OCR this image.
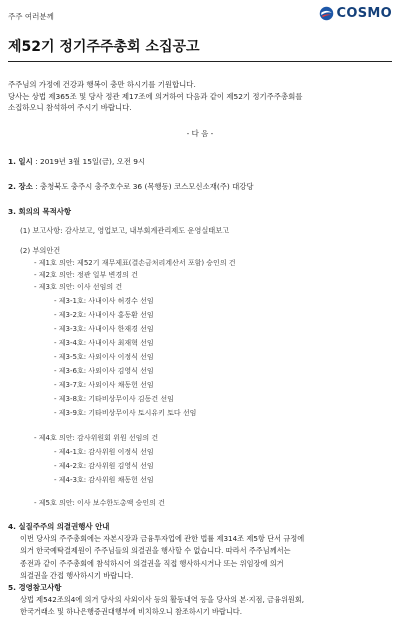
주주 여러분께	COSMO
제52기 정기주주총회 소집공고
주주님의 가정에 건강과 행복이 충만 하시기를 기원합니다.
당사는 상법 제365조 및 당사 정관 제17조에 의거하여 다음과 같이 제52기 정기주주총회를
소집하오니 참석하여 주시기 바랍니다.
- 다 음 -
1. 일시 : 2019년 3월 15일(금), 오전 9시
2. 장소 : 충청북도 충주시 충주호수로 36 (목행동) 코스모신소재(주) 대강당
3. 회의의 목적사항
(1) 보고사항: 감사보고, 영업보고, 내부회계관리제도 운영실태보고
(2) 부의안건
- 제1호 의안: 제52기 재무제표(결손금처리계산서 포함) 승인의 건
- 제2호 의안: 정관 일부 변경의 건
- 제3호 의안: 이사 선임의 건
- 제3-1호: 사내이사 허경수 선임
- 제3-2호: 사내이사 홍동환 선임
- 제3-3호: 사내이사 한재경 선임
- 제3-4호: 사내이사 최재혁 선임
- 제3-5호: 사외이사 이정식 선임
- 제3-6호: 사외이사 김영식 선임
- 제3-7호: 사외이사 채동헌 선임
- 제3-8호: 기타비상무이사 김동건 선임
- 제3-9호: 기타비상무이사 토시유키 토다 선임
- 제4호 의안: 감사위원회 위원 선임의 건
- 제4-1호: 감사위원 이정식 선임
- 제4-2호: 감사위원 김영식 선임
- 제4-3호: 감사위원 채동헌 선임
- 제5호 의안: 이사 보수한도총액 승인의 건
4. 실질주주의 의결권행사 안내
이번 당사의 주주총회에는 자본시장과 금융투자업에 관한 법률 제314조 제5항 단서 규정에
의거 한국예탁결제원이 주주님들의 의결권을 행사할 수 없습니다. 따라서 주주님께서는
종전과 같이 주주총회에 참석하시어 의결권을 직접 행사하시거나 또는 위임장에 의거
의결권을 간접 행사하시기 바랍니다.
5. 경영참고사항
상법 제542조의4에 의거 당사의 사외이사 등의 활동내역 등을 당사의 본·지점, 금융위원회,
한국거래소 및 하나은행증권대행부에 비치하오니 참조하시기 바랍니다.
